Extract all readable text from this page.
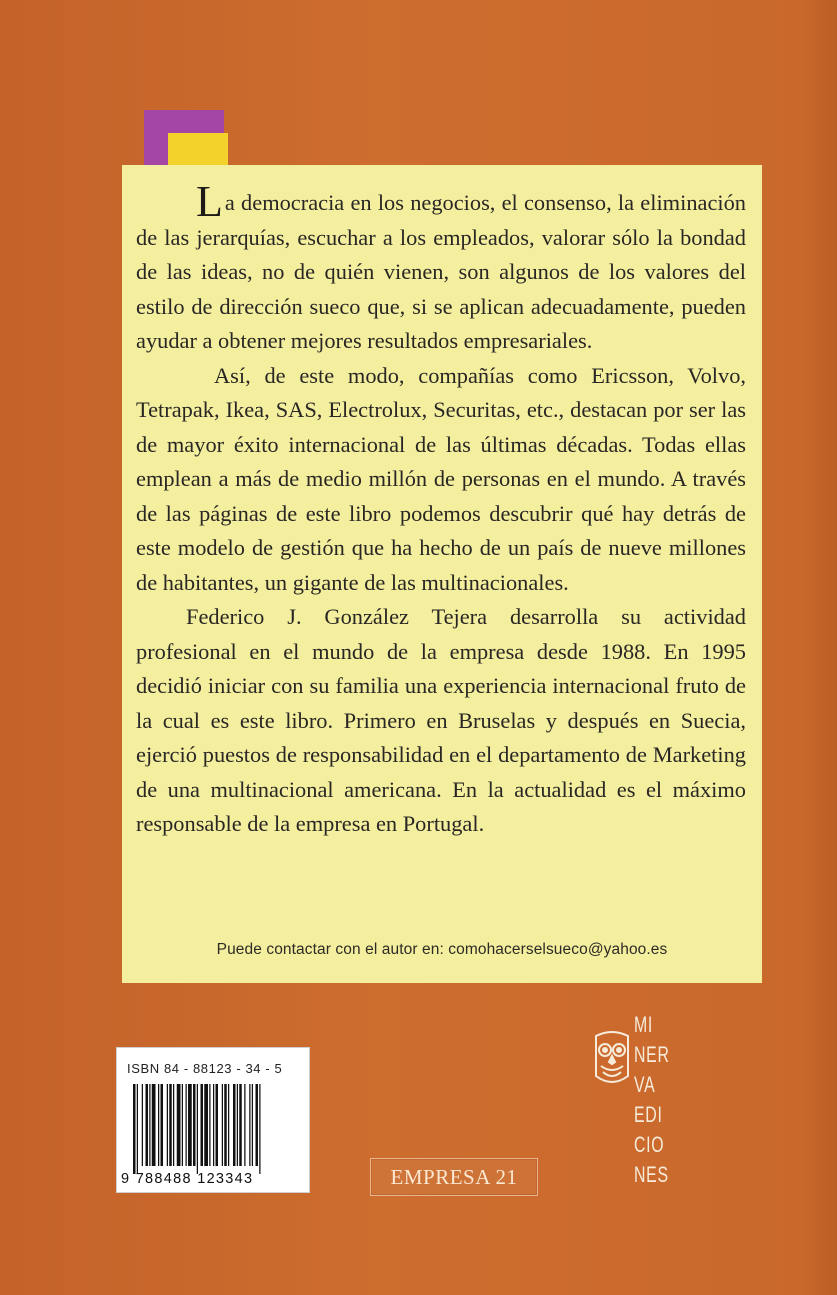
La democracia en los negocios, el consenso, la eliminación de las jerarquías, escuchar a los empleados, valorar sólo la bondad de las ideas, no de quién vienen, son algunos de los valores del estilo de dirección sueco que, si se aplican adecuadamente, pueden ayudar a obtener mejores resultados empresariales.

Así, de este modo, compañías como Ericsson, Volvo, Tetrapak, Ikea, SAS, Electrolux, Securitas, etc., destacan por ser las de mayor éxito internacional de las últimas décadas. Todas ellas emplean a más de medio millón de personas en el mundo. A través de las páginas de este libro podemos descubrir qué hay detrás de este modelo de gestión que ha hecho de un país de nueve millones de habitantes, un gigante de las multinacionales.

Federico J. González Tejera desarrolla su actividad profesional en el mundo de la empresa desde 1988. En 1995 decidió iniciar con su familia una experiencia internacional fruto de la cual es este libro. Primero en Bruselas y después en Suecia, ejerció puestos de responsabilidad en el departamento de Marketing de una multinacional americana. En la actualidad es el máximo responsable de la empresa en Portugal.

Puede contactar con el autor en: comohacerselsueco@yahoo.es
ISBN 84 - 88123 - 34 - 5
9 788488 123343	EMPRESA 21
MI
NER
VA
EDI
CIO
NES
